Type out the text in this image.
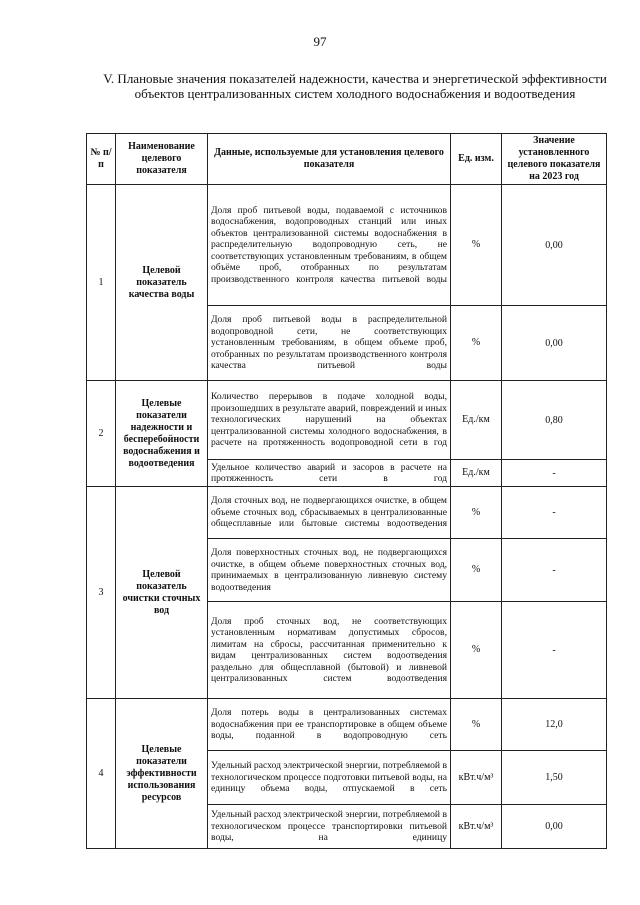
97
V. Плановые значения показателей надежности, качества и энергетической эффективности объектов централизованных систем холодного водоснабжения и водоотведения
№ п/п	Наименование целевого показателя	Данные, используемые для установления целевого показателя	Ед. изм.	Значение установленного целевого показателя на 2023 год
1	Целевой показатель качества воды	Доля проб питьевой воды, подаваемой с источников водоснабжения, водопроводных станций или иных объектов централизованной системы водоснабжения в распределительную водопроводную сеть, не соответствующих установленным требованиям, в общем объёме проб, отобранных по результатам производственного контроля качества питьевой воды	%	0,00
		Доля проб питьевой воды в распределительной водопроводной сети, не соответствующих установленным требованиям, в общем объеме проб, отобранных по результатам производственного контроля качества питьевой воды	%	0,00
2	Целевые показатели надежности и бесперебойности водоснабжения и водоотведения	Количество перерывов в подаче холодной воды, произошедших в результате аварий, повреждений и иных технологических нарушений на объектах централизованной системы холодного водоснабжения, в расчете на протяженность водопроводной сети в год	Ед./км	0,80
		Удельное количество аварий и засоров в расчете на протяженность сети в год	Ед./км	-
3	Целевой показатель очистки сточных вод	Доля сточных вод, не подвергающихся очистке, в общем объеме сточных вод, сбрасываемых в централизованные общесплавные или бытовые системы водоотведения	%	-
		Доля поверхностных сточных вод, не подвергающихся очистке, в общем объеме поверхностных сточных вод, принимаемых в централизованную ливневую систему водоотведения	%	-
		Доля проб сточных вод, не соответствующих установленным нормативам допустимых сбросов, лимитам на сбросы, рассчитанная применительно к видам централизованных систем водоотведения раздельно для общесплавной (бытовой) и ливневой централизованных систем водоотведения	%	-
4	Целевые показатели эффективности использования ресурсов	Доля потерь воды в централизованных системах водоснабжения при ее транспортировке в общем объеме воды, поданной в водопроводную сеть	%	12,0
		Удельный расход электрической энергии, потребляемой в технологическом процессе подготовки питьевой воды, на единицу объема воды, отпускаемой в сеть	кВт.ч/м³	1,50
		Удельный расход электрической энергии, потребляемой в технологическом процессе транспортировки питьевой воды, на единицу	кВт.ч/м³	0,00
